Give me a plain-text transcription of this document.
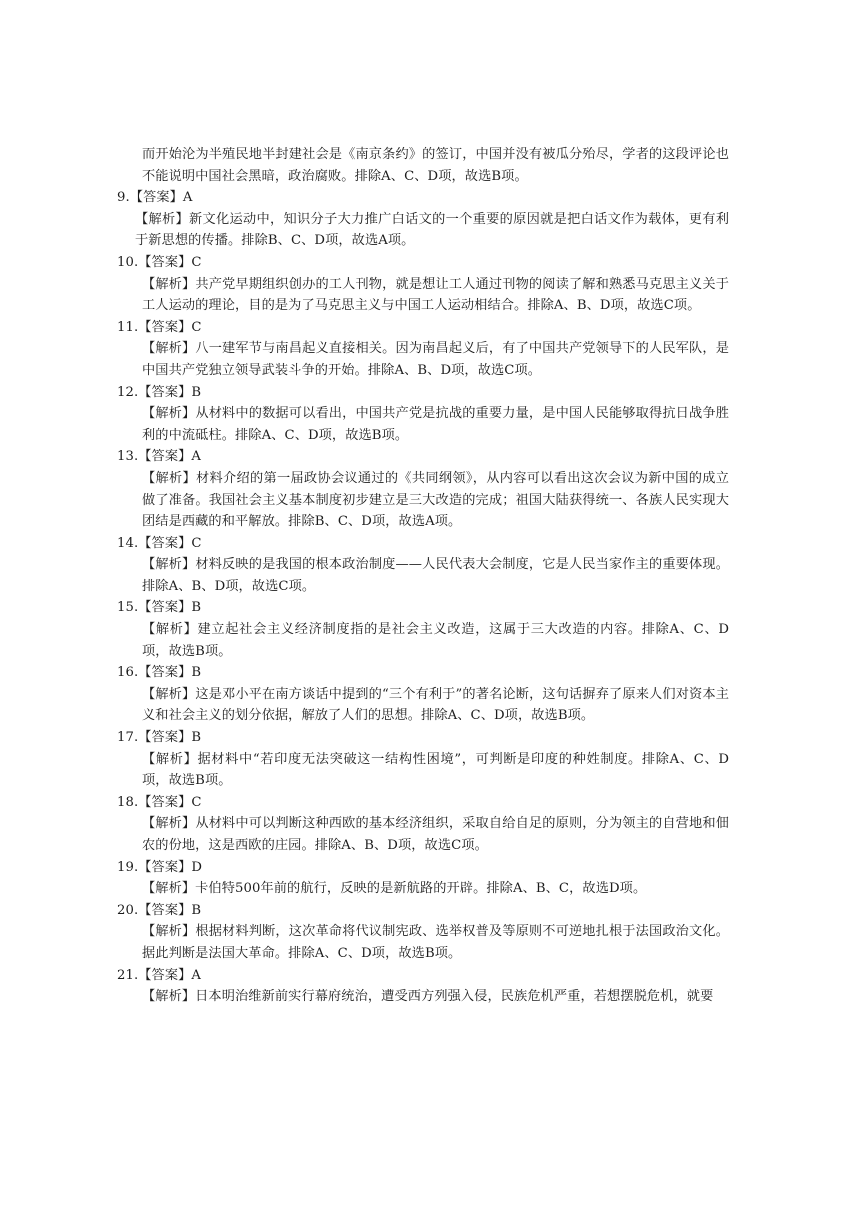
而开始沦为半殖民地半封建社会是《南京条约》的签订，中国并没有被瓜分殆尽，学者的这段评论也不能说明中国社会黑暗，政治腐败。排除A、C、D项，故选B项。

9.【答案】A

【解析】新文化运动中，知识分子大力推广白话文的一个重要的原因就是把白话文作为载体，更有利于新思想的传播。排除B、C、D项，故选A项。

10.【答案】C

【解析】共产党早期组织创办的工人刊物，就是想让工人通过刊物的阅读了解和熟悉马克思主义关于工人运动的理论，目的是为了马克思主义与中国工人运动相结合。排除A、B、D项，故选C项。

11.【答案】C

【解析】八一建军节与南昌起义直接相关。因为南昌起义后，有了中国共产党领导下的人民军队，是中国共产党独立领导武装斗争的开始。排除A、B、D项，故选C项。

12.【答案】B

【解析】从材料中的数据可以看出，中国共产党是抗战的重要力量，是中国人民能够取得抗日战争胜利的中流砥柱。排除A、C、D项，故选B项。

13.【答案】A

【解析】材料介绍的第一届政协会议通过的《共同纲领》，从内容可以看出这次会议为新中国的成立做了准备。我国社会主义基本制度初步建立是三大改造的完成；祖国大陆获得统一、各族人民实现大团结是西藏的和平解放。排除B、C、D项，故选A项。

14.【答案】C

【解析】材料反映的是我国的根本政治制度——人民代表大会制度，它是人民当家作主的重要体现。排除A、B、D项，故选C项。

15.【答案】B

【解析】建立起社会主义经济制度指的是社会主义改造，这属于三大改造的内容。排除A、C、D项，故选B项。

16.【答案】B

【解析】这是邓小平在南方谈话中提到的“三个有利于”的著名论断，这句话摒弃了原来人们对资本主义和社会主义的划分依据，解放了人们的思想。排除A、C、D项，故选B项。

17.【答案】B

【解析】据材料中“若印度无法突破这一结构性困境”，可判断是印度的种姓制度。排除A、C、D项，故选B项。

18.【答案】C

【解析】从材料中可以判断这种西欧的基本经济组织，采取自给自足的原则，分为领主的自营地和佃农的份地，这是西欧的庄园。排除A、B、D项，故选C项。

19.【答案】D

【解析】卡伯特500年前的航行，反映的是新航路的开辟。排除A、B、C，故选D项。

20.【答案】B

【解析】根据材料判断，这次革命将代议制宪政、选举权普及等原则不可逆地扎根于法国政治文化。据此判断是法国大革命。排除A、C、D项，故选B项。

21.【答案】A

【解析】日本明治维新前实行幕府统治，遭受西方列强入侵，民族危机严重，若想摆脱危机，就要
